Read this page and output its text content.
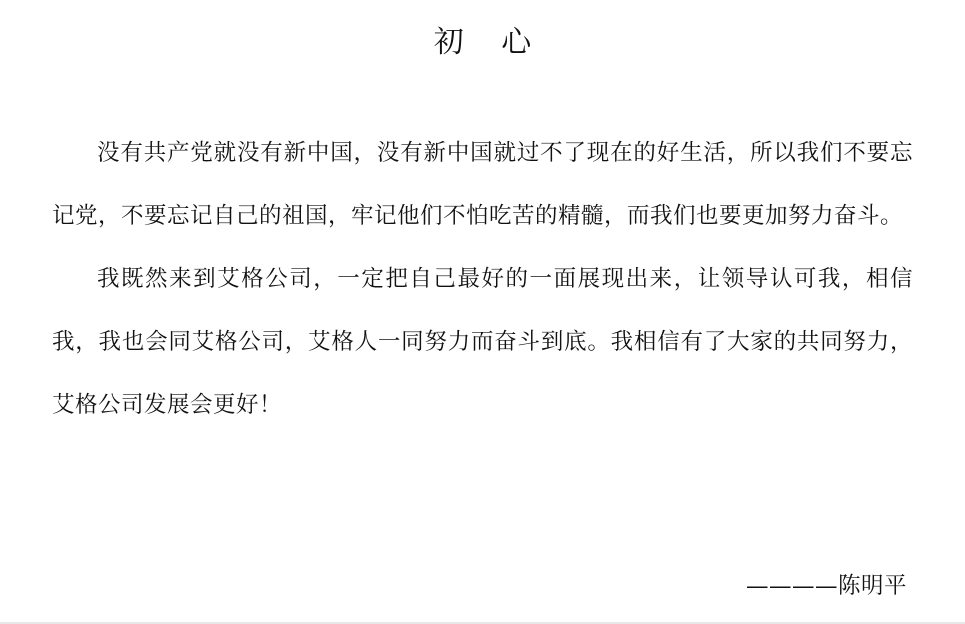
初 心

没有共产党就没有新中国，没有新中国就过不了现在的好生活，所以我们不要忘记党，不要忘记自己的祖国，牢记他们不怕吃苦的精髓，而我们也要更加努力奋斗。

我既然来到艾格公司，一定把自己最好的一面展现出来，让领导认可我，相信我，我也会同艾格公司，艾格人一同努力而奋斗到底。我相信有了大家的共同努力，艾格公司发展会更好！

————陈明平
